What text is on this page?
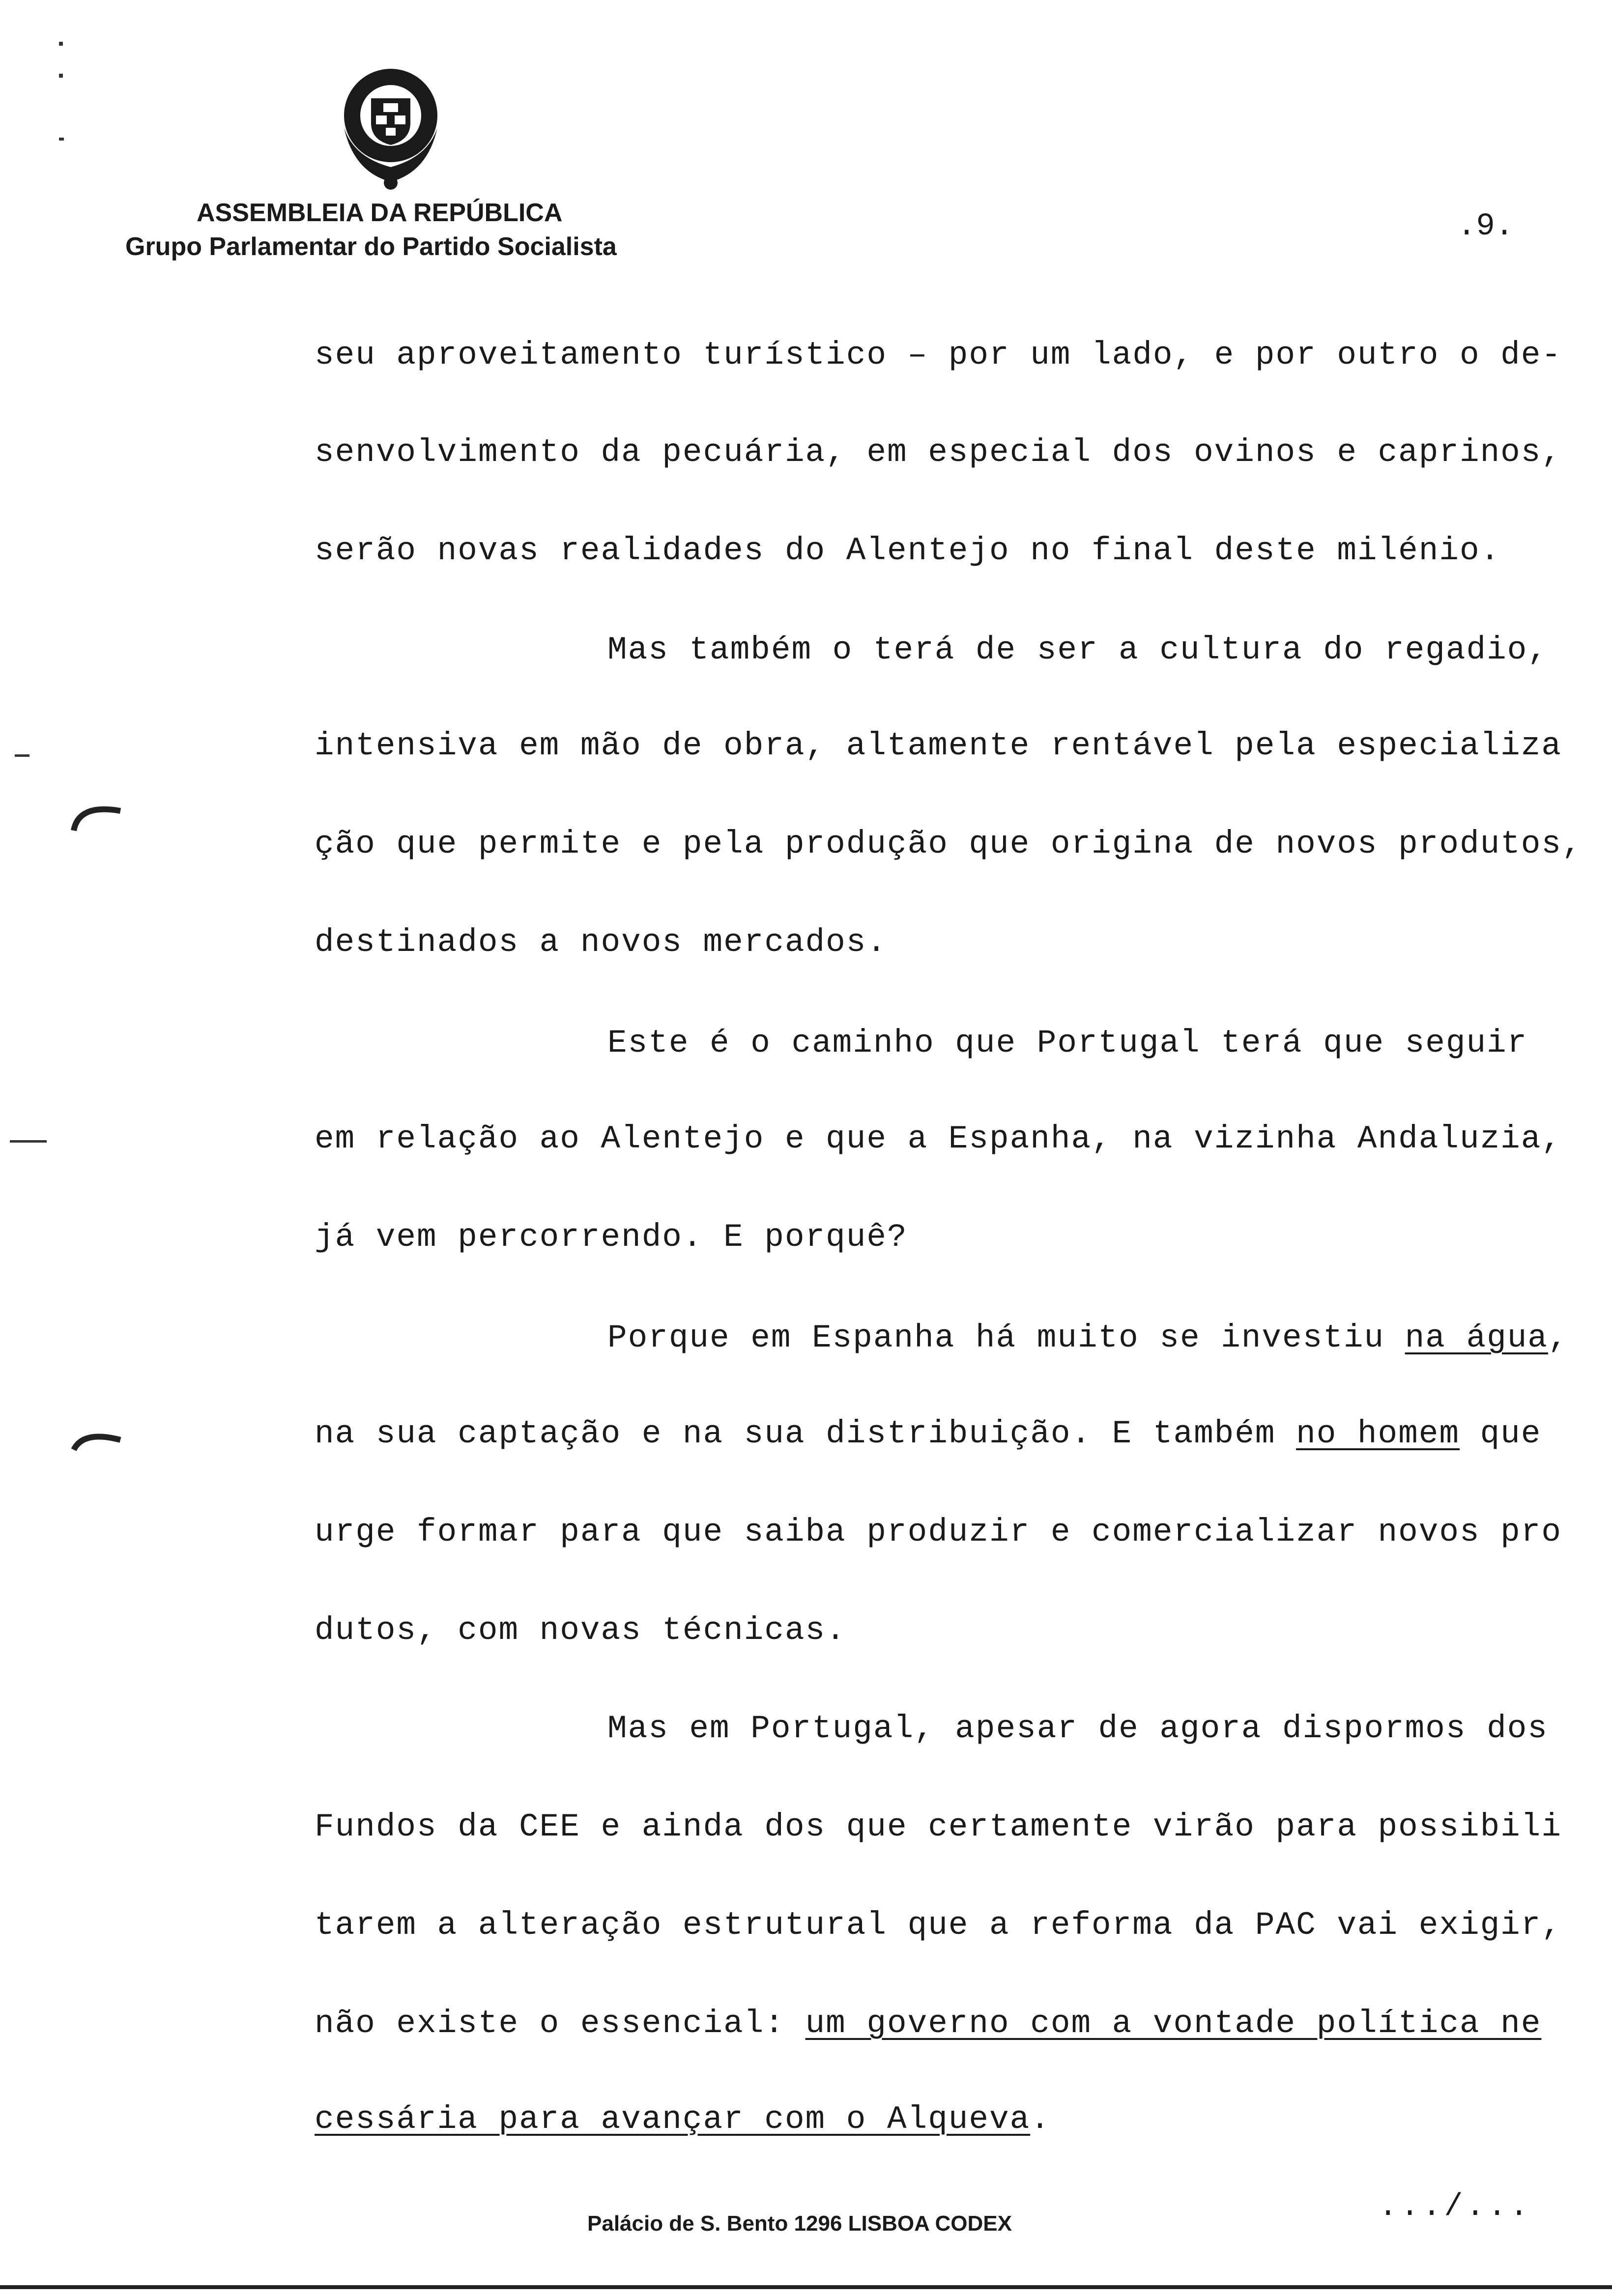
ASSEMBLEIA DA REPÚBLICA
Grupo Parlamentar do Partido Socialista
.9.
seu aproveitamento turístico – por um lado, e por outro o de-
senvolvimento da pecuária, em especial dos ovinos e caprinos,
serão novas realidades do Alentejo no final deste milénio.
Mas também o terá de ser a cultura do regadio,
intensiva em mão de obra, altamente rentável pela especializa
ção que permite e pela produção que origina de novos produtos,
destinados a novos mercados.
Este é o caminho que Portugal terá que seguir
em relação ao Alentejo e que a Espanha, na vizinha Andaluzia,
já vem percorrendo. E porquê?
Porque em Espanha há muito se investiu na água,
na sua captação e na sua distribuição. E também no homem que
urge formar para que saiba produzir e comercializar novos pro
dutos, com novas técnicas.
Mas em Portugal, apesar de agora dispormos dos
Fundos da CEE e ainda dos que certamente virão para possibili
tarem a alteração estrutural que a reforma da PAC vai exigir,
não existe o essencial: um governo com a vontade política ne
cessária para avançar com o Alqueva.
.../...
Palácio de S. Bento 1296 LISBOA CODEX
